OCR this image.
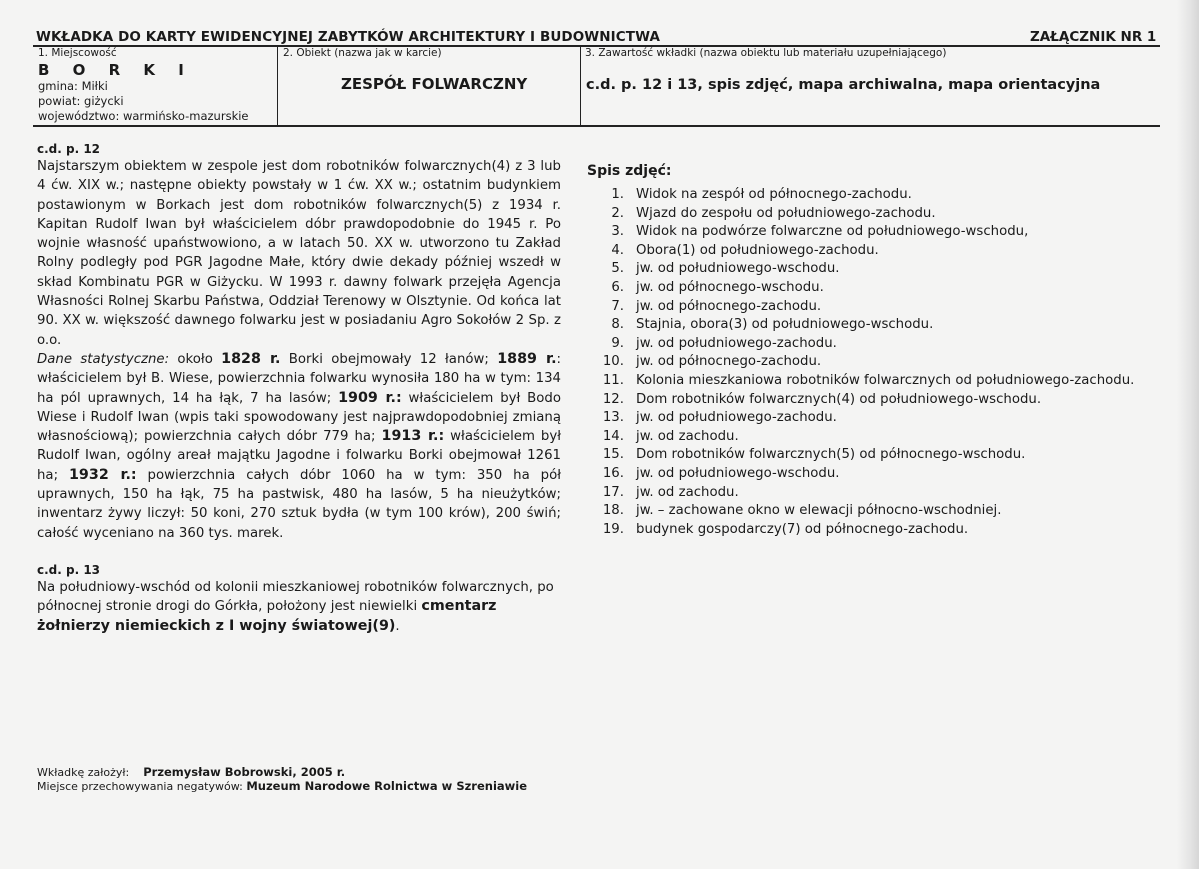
WKŁADKA DO KARTY EWIDENCYJNEJ ZABYTKÓW ARCHITEKTURY I BUDOWNICTWA	ZAŁĄCZNIK NR 1
1. Miejscowość
B O R K I
gmina: Miłki
powiat: giżycki
województwo: warmińsko-mazurskie
2. Obiekt (nazwa jak w karcie)
ZESPÓŁ FOLWARCZNY
3. Zawartość wkładki (nazwa obiektu lub materiału uzupełniającego)
c.d. p. 12 i 13, spis zdjęć, mapa archiwalna, mapa orientacyjna
c.d. p. 12
Najstarszym obiektem w zespole jest dom robotników folwarcznych(4) z 3 lub 4 ćw. XIX w.; następne obiekty powstały w 1 ćw. XX w.; ostatnim budynkiem postawionym w Borkach jest dom robotników folwarcznych(5) z 1934 r. Kapitan Rudolf Iwan był właścicielem dóbr prawdopodobnie do 1945 r. Po wojnie własność upaństwowiono, a w latach 50. XX w. utworzono tu Zakład Rolny podległy pod PGR Jagodne Małe, który dwie dekady później wszedł w skład Kombinatu PGR w Giżycku. W 1993 r. dawny folwark przejęła Agencja Własności Rolnej Skarbu Państwa, Oddział Terenowy w Olsztynie. Od końca lat 90. XX w. większość dawnego folwarku jest w posiadaniu Agro Sokołów 2 Sp. z o.o.
Dane statystyczne: około 1828 r. Borki obejmowały 12 łanów; 1889 r.: właścicielem był B. Wiese, powierzchnia folwarku wynosiła 180 ha w tym: 134 ha pól uprawnych, 14 ha łąk, 7 ha lasów; 1909 r.: właścicielem był Bodo Wiese i Rudolf Iwan (wpis taki spowodowany jest najprawdopodobniej zmianą własnościową); powierzchnia całych dóbr 779 ha; 1913 r.: właścicielem był Rudolf Iwan, ogólny areał majątku Jagodne i folwarku Borki obejmował 1261 ha; 1932 r.: powierzchnia całych dóbr 1060 ha w tym: 350 ha pół uprawnych, 150 ha łąk, 75 ha pastwisk, 480 ha lasów, 5 ha nieużytków; inwentarz żywy liczył: 50 koni, 270 sztuk bydła (w tym 100 krów), 200 świń; całość wyceniano na 360 tys. marek.
c.d. p. 13
Na południowy-wschód od kolonii mieszkaniowej robotników folwarcznych, po północnej stronie drogi do Górkła, położony jest niewielki cmentarz żołnierzy niemieckich z I wojny światowej(9).
Spis zdjęć:
1. Widok na zespół od północnego-zachodu.
2. Wjazd do zespołu od południowego-zachodu.
3. Widok na podwórze folwarczne od południowego-wschodu,
4. Obora(1) od południowego-zachodu.
5. jw. od południowego-wschodu.
6. jw. od północnego-wschodu.
7. jw. od północnego-zachodu.
8. Stajnia, obora(3) od południowego-wschodu.
9. jw. od południowego-zachodu.
10. jw. od północnego-zachodu.
11. Kolonia mieszkaniowa robotników folwarcznych od południowego-zachodu.
12. Dom robotników folwarcznych(4) od południowego-wschodu.
13. jw. od południowego-zachodu.
14. jw. od zachodu.
15. Dom robotników folwarcznych(5) od północnego-wschodu.
16. jw. od południowego-wschodu.
17. jw. od zachodu.
18. jw. – zachowane okno w elewacji północno-wschodniej.
19. budynek gospodarczy(7) od północnego-zachodu.
Wkładkę założył: Przemysław Bobrowski, 2005 r.
Miejsce przechowywania negatywów: Muzeum Narodowe Rolnictwa w Szreniawie
